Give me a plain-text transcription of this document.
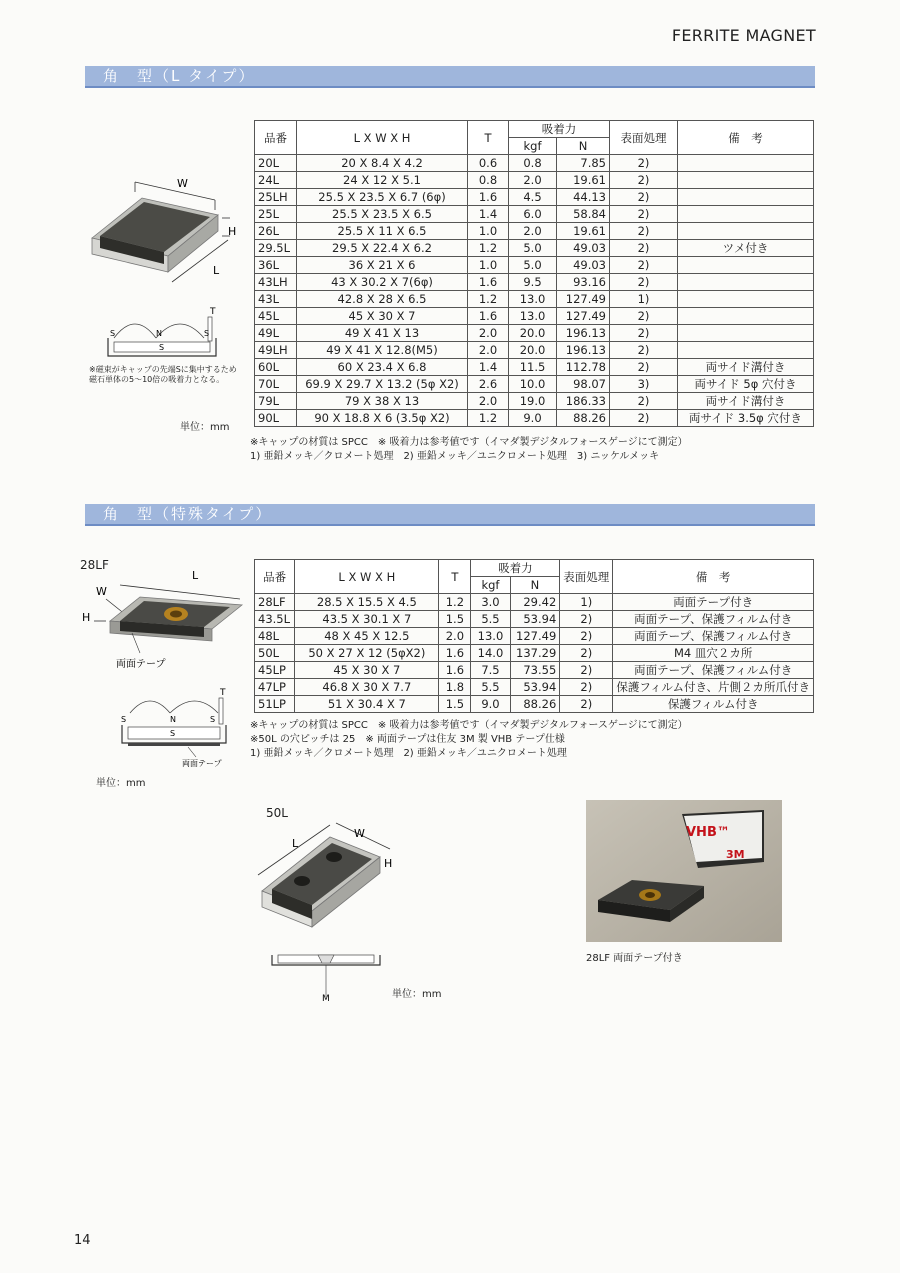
FERRITE MAGNET
角　型（L タイプ）
W
H
L
T
S	N	S
S
※磁束がキャップの先端Sに集中するため
磁石単体の5～10倍の吸着力となる。
単位：mm
品番	L X W X H	T	吸着力		表面処理	備　考
			kgf	N		
20L	20 X 8.4 X 4.2	0.6	0.8	7.85	2)	
24L	24 X 12 X 5.1	0.8	2.0	19.61	2)	
25LH	25.5 X 23.5 X 6.7 (6φ)	1.6	4.5	44.13	2)	
25L	25.5 X 23.5 X 6.5	1.4	6.0	58.84	2)	
26L	25.5 X 11 X 6.5	1.0	2.0	19.61	2)	
29.5L	29.5 X 22.4 X 6.2	1.2	5.0	49.03	2)	ツメ付き
36L	36 X 21 X 6	1.0	5.0	49.03	2)	
43LH	43 X 30.2 X 7(6φ)	1.6	9.5	93.16	2)	
43L	42.8 X 28 X 6.5	1.2	13.0	127.49	1)	
45L	45 X 30 X 7	1.6	13.0	127.49	2)	
49L	49 X 41 X 13	2.0	20.0	196.13	2)	
49LH	49 X 41 X 12.8(M5)	2.0	20.0	196.13	2)	
60L	60 X 23.4 X 6.8	1.4	11.5	112.78	2)	両サイド溝付き
70L	69.9 X 29.7 X 13.2 (5φ X2)	2.6	10.0	98.07	3)	両サイド 5φ 穴付き
79L	79 X 38 X 13	2.0	19.0	186.33	2)	両サイド溝付き
90L	90 X 18.8 X 6 (3.5φ X2)	1.2	9.0	88.26	2)	両サイド 3.5φ 穴付き
※キャップの材質は SPCC　※ 吸着力は参考値です（イマダ製デジタルフォースゲージにて測定）
1) 亜鉛メッキ／クロメート処理　2) 亜鉛メッキ／ユニクロメート処理　3) ニッケルメッキ
角　型（特殊タイプ）
28LF
L
W
H
両面テープ
T
S	N	S
S
両面テープ
単位：mm
品番	L X W X H	T	吸着力		表面処理	備　考
			kgf	N		
28LF	28.5 X 15.5 X 4.5	1.2	3.0	29.42	1)	両面テープ付き
43.5L	43.5 X 30.1 X 7	1.5	5.5	53.94	2)	両面テープ、保護フィルム付き
48L	48 X 45 X 12.5	2.0	13.0	127.49	2)	両面テープ、保護フィルム付き
50L	50 X 27 X 12 (5φX2)	1.6	14.0	137.29	2)	M4 皿穴２カ所
45LP	45 X 30 X 7	1.6	7.5	73.55	2)	両面テープ、保護フィルム付き
47LP	46.8 X 30 X 7.7	1.8	5.5	53.94	2)	保護フィルム付き、片側２カ所爪付き
51LP	51 X 30.4 X 7	1.5	9.0	88.26	2)	保護フィルム付き
※キャップの材質は SPCC　※ 吸着力は参考値です（イマダ製デジタルフォースゲージにて測定）
※50L の穴ピッチは 25　※ 両面テープは住友 3M 製 VHB テープ仕様
1) 亜鉛メッキ／クロメート処理　2) 亜鉛メッキ／ユニクロメート処理
50L
L
W
H
M	単位：mm
VHB™
3M
28LF 両面テープ付き
14
